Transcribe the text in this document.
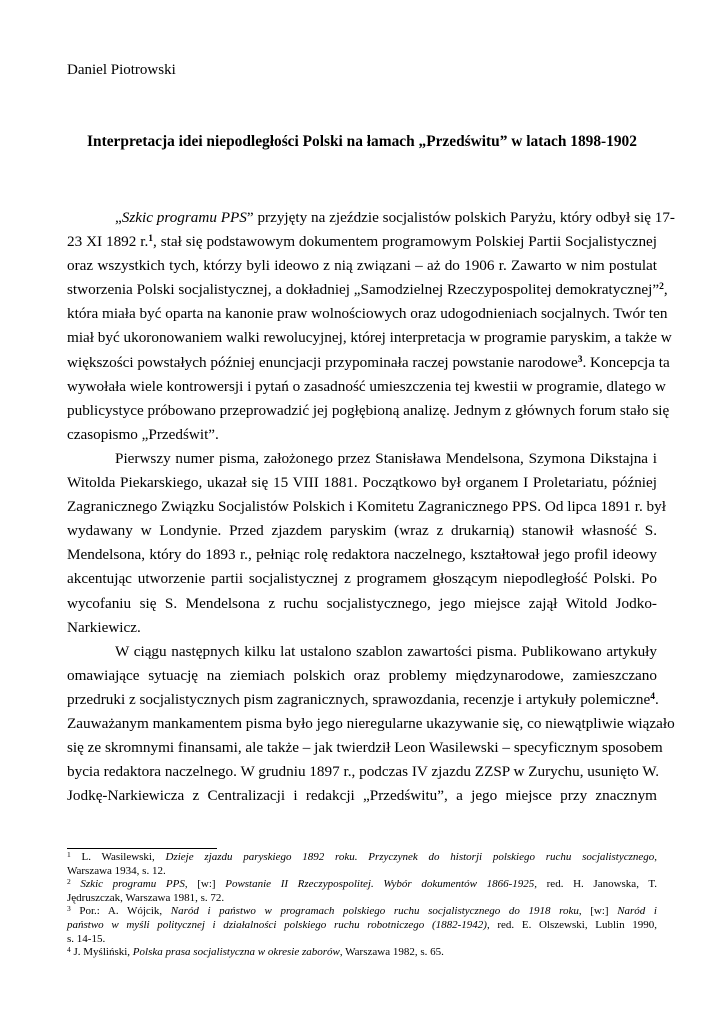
Daniel Piotrowski
Interpretacja idei niepodległości Polski na łamach „Przedświtu” w latach 1898-1902
„Szkic programu PPS” przyjęty na zjeździe socjalistów polskich Paryżu, który odbył się 17-
23 XI 1892 r.$^1$, stał się podstawowym dokumentem programowym Polskiej Partii Socjalistycznej
oraz wszystkich tych, którzy byli ideowo z nią związani – aż do 1906 r. Zawarto w nim postulat
stworzenia Polski socjalistycznej, a dokładniej „Samodzielnej Rzeczypospolitej demokratycznej”$^2$,
która miała być oparta na kanonie praw wolnościowych oraz udogodnieniach socjalnych. Twór ten
miał być ukoronowaniem walki rewolucyjnej, której interpretacja w programie paryskim, a także w
większości powstałych później enuncjacji przypominała raczej powstanie narodowe$^3$. Koncepcja ta
wywołała wiele kontrowersji i pytań o zasadność umieszczenia tej kwestii w programie, dlatego w
publicystyce próbowano przeprowadzić jej pogłębioną analizę. Jednym z głównych forum stało się
czasopismo „Przedświt”.
Pierwszy numer pisma, założonego przez Stanisława Mendelsona, Szymona Dikstajna i
Witolda Piekarskiego, ukazał się 15 VIII 1881. Początkowo był organem I Proletariatu, później
Zagranicznego Związku Socjalistów Polskich i Komitetu Zagranicznego PPS. Od lipca 1891 r. był
wydawany w Londynie. Przed zjazdem paryskim (wraz z drukarnią) stanowił własność S.
Mendelsona, który do 1893 r., pełniąc rolę redaktora naczelnego, kształtował jego profil ideowy
akcentując utworzenie partii socjalistycznej z programem głoszącym niepodległość Polski. Po
wycofaniu się S. Mendelsona z ruchu socjalistycznego, jego miejsce zajął Witold Jodko-
Narkiewicz.
W ciągu następnych kilku lat ustalono szablon zawartości pisma. Publikowano artykuły
omawiające sytuację na ziemiach polskich oraz problemy międzynarodowe, zamieszczano
przedruki z socjalistycznych pism zagranicznych, sprawozdania, recenzje i artykuły polemiczne$^4$.
Zauważanym mankamentem pisma było jego nieregularne ukazywanie się, co niewątpliwie wiązało
się ze skromnymi finansami, ale także – jak twierdził Leon Wasilewski – specyficznym sposobem
bycia redaktora naczelnego. W grudniu 1897 r., podczas IV zjazdu ZZSP w Zurychu, usunięto W.
Jodkę-Narkiewicza z Centralizacji i redakcji „Przedświtu”, a jego miejsce przy znacznym
$^1$ L. Wasilewski, Dzieje zjazdu paryskiego 1892 roku. Przyczynek do historji polskiego ruchu socjalistycznego,
Warszawa 1934, s. 12.
$^2$ Szkic programu PPS, [w:] Powstanie II Rzeczypospolitej. Wybór dokumentów 1866-1925, red. H. Janowska, T.
Jędruszczak, Warszawa 1981, s. 72.
$^3$ Por.: A. Wójcik, Naród i państwo w programach polskiego ruchu socjalistycznego do 1918 roku, [w:] Naród i
państwo w myśli politycznej i działalności polskiego ruchu robotniczego (1882-1942), red. E. Olszewski, Lublin 1990,
s. 14-15.
$^4$ J. Myśliński, Polska prasa socjalistyczna w okresie zaborów, Warszawa 1982, s. 65.
